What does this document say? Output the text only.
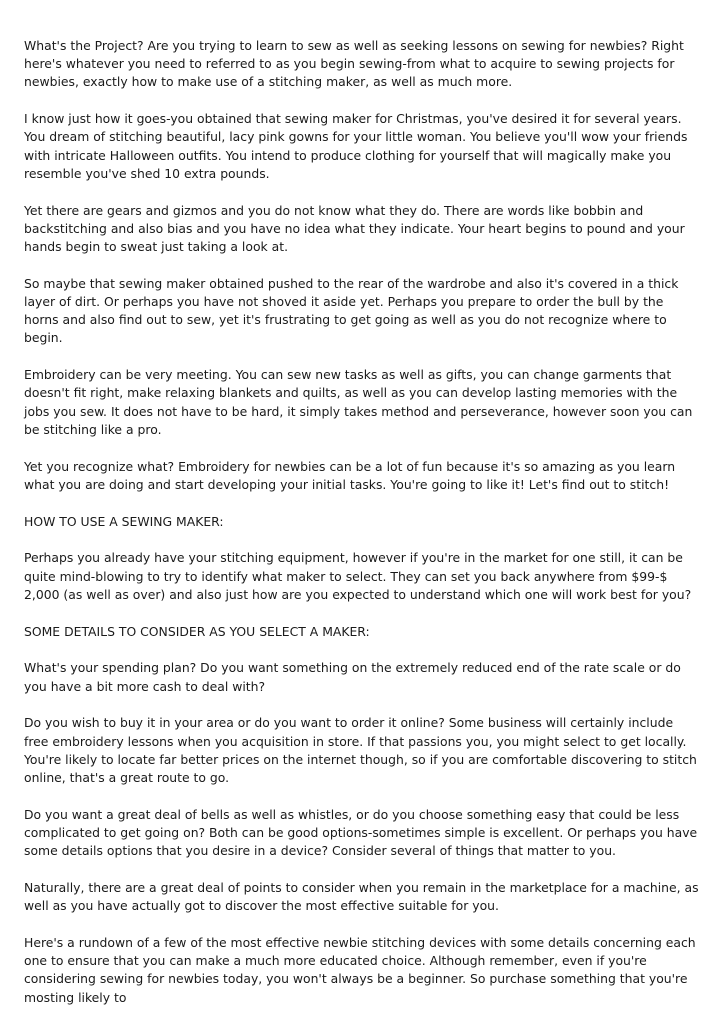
What's the Project? Are you trying to learn to sew as well as seeking lessons on sewing for newbies? Right here's whatever you need to referred to as you begin sewing-from what to acquire to sewing projects for newbies, exactly how to make use of a stitching maker, as well as much more.

I know just how it goes-you obtained that sewing maker for Christmas, you've desired it for several years. You dream of stitching beautiful, lacy pink gowns for your little woman. You believe you'll wow your friends with intricate Halloween outfits. You intend to produce clothing for yourself that will magically make you resemble you've shed 10 extra pounds.

Yet there are gears and gizmos and you do not know what they do. There are words like bobbin and backstitching and also bias and you have no idea what they indicate. Your heart begins to pound and your hands begin to sweat just taking a look at.

So maybe that sewing maker obtained pushed to the rear of the wardrobe and also it's covered in a thick layer of dirt. Or perhaps you have not shoved it aside yet. Perhaps you prepare to order the bull by the horns and also find out to sew, yet it's frustrating to get going as well as you do not recognize where to begin.

Embroidery can be very meeting. You can sew new tasks as well as gifts, you can change garments that doesn't fit right, make relaxing blankets and quilts, as well as you can develop lasting memories with the jobs you sew. It does not have to be hard, it simply takes method and perseverance, however soon you can be stitching like a pro.

Yet you recognize what? Embroidery for newbies can be a lot of fun because it's so amazing as you learn what you are doing and start developing your initial tasks. You're going to like it! Let's find out to stitch!

HOW TO USE A SEWING MAKER:

Perhaps you already have your stitching equipment, however if you're in the market for one still, it can be quite mind-blowing to try to identify what maker to select. They can set you back anywhere from $99-$ 2,000 (as well as over) and also just how are you expected to understand which one will work best for you?

SOME DETAILS TO CONSIDER AS YOU SELECT A MAKER:

What's your spending plan? Do you want something on the extremely reduced end of the rate scale or do you have a bit more cash to deal with?

Do you wish to buy it in your area or do you want to order it online? Some business will certainly include free embroidery lessons when you acquisition in store. If that passions you, you might select to get locally. You're likely to locate far better prices on the internet though, so if you are comfortable discovering to stitch online, that's a great route to go.

Do you want a great deal of bells as well as whistles, or do you choose something easy that could be less complicated to get going on? Both can be good options-sometimes simple is excellent. Or perhaps you have some details options that you desire in a device? Consider several of things that matter to you.

Naturally, there are a great deal of points to consider when you remain in the marketplace for a machine, as well as you have actually got to discover the most effective suitable for you.

Here's a rundown of a few of the most effective newbie stitching devices with some details concerning each one to ensure that you can make a much more educated choice. Although remember, even if you're considering sewing for newbies today, you won't always be a beginner. So purchase something that you're mosting likely to
